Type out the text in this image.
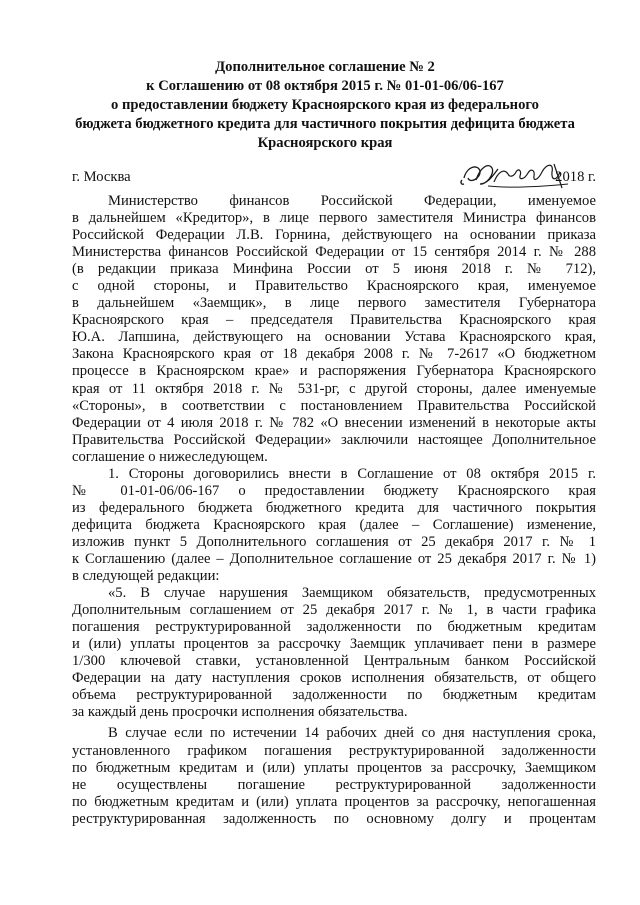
Дополнительное соглашение № 2
к Соглашению от 08 октября 2015 г. № 01-01-06/06-167
о предоставлении бюджету Красноярского края из федерального
бюджета бюджетного кредита для частичного покрытия дефицита бюджета
Красноярского края
г. Москва	2018 г.
Министерство финансов Российской Федерации, именуемое
в дальнейшем «Кредитор», в лице первого заместителя Министра финансов
Российской Федерации Л.В. Горнина, действующего на основании приказа
Министерства финансов Российской Федерации от 15 сентября 2014 г. № 288
(в редакции приказа Минфина России от 5 июня 2018 г. № 712),
с одной стороны, и Правительство Красноярского края, именуемое
в дальнейшем «Заемщик», в лице первого заместителя Губернатора
Красноярского края – председателя Правительства Красноярского края
Ю.А. Лапшина, действующего на основании Устава Красноярского края,
Закона Красноярского края от 18 декабря 2008 г. № 7-2617 «О бюджетном
процессе в Красноярском крае» и распоряжения Губернатора Красноярского
края от 11 октября 2018 г. № 531-рг, с другой стороны, далее именуемые
«Стороны», в соответствии с постановлением Правительства Российской
Федерации от 4 июля 2018 г. № 782 «О внесении изменений в некоторые акты
Правительства Российской Федерации» заключили настоящее Дополнительное
соглашение о нижеследующем.
1. Стороны договорились внести в Соглашение от 08 октября 2015 г.
№ 01-01-06/06-167 о предоставлении бюджету Красноярского края
из федерального бюджета бюджетного кредита для частичного покрытия
дефицита бюджета Красноярского края (далее – Соглашение) изменение,
изложив пункт 5 Дополнительного соглашения от 25 декабря 2017 г. № 1
к Соглашению (далее – Дополнительное соглашение от 25 декабря 2017 г. № 1)
в следующей редакции:
«5. В случае нарушения Заемщиком обязательств, предусмотренных
Дополнительным соглашением от 25 декабря 2017 г. № 1, в части графика
погашения реструктурированной задолженности по бюджетным кредитам
и (или) уплаты процентов за рассрочку Заемщик уплачивает пени в размере
1/300 ключевой ставки, установленной Центральным банком Российской
Федерации на дату наступления сроков исполнения обязательств, от общего
объема реструктурированной задолженности по бюджетным кредитам
за каждый день просрочки исполнения обязательства.
В случае если по истечении 14 рабочих дней со дня наступления срока,
установленного графиком погашения реструктурированной задолженности
по бюджетным кредитам и (или) уплаты процентов за рассрочку, Заемщиком
не осуществлены погашение реструктурированной задолженности
по бюджетным кредитам и (или) уплата процентов за рассрочку, непогашенная
реструктурированная задолженность по основному долгу и процентам
